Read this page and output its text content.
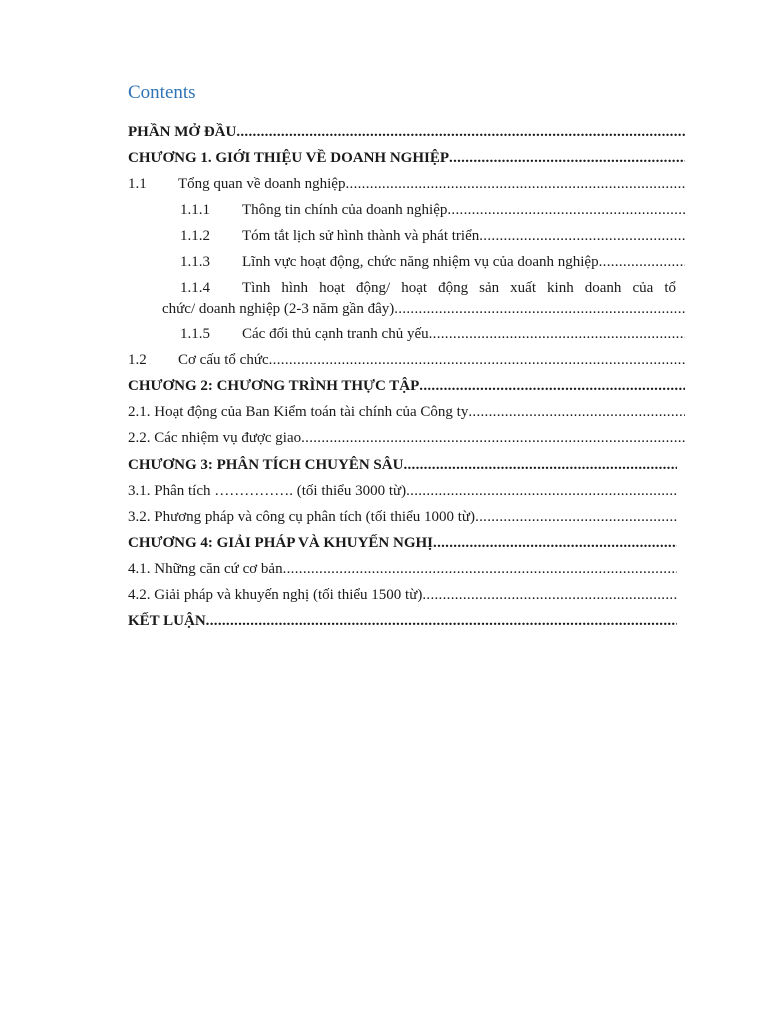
Contents
PHẦN MỞ ĐẦU
.....
CHƯƠNG 1. GIỚI THIỆU VỀ DOANH NGHIỆP
.....
1.1	Tổng quan về doanh nghiệp
.....
1.1.1	Thông tin chính của doanh nghiệp
.....
1.1.2	Tóm tắt lịch sử hình thành và phát triển
.....
1.1.3	Lĩnh vực hoạt động, chức năng nhiệm vụ của doanh nghiệp
.....
1.1.4	Tình hình hoạt động/ hoạt động sản xuất kinh doanh của tổ
chức/ doanh nghiệp (2-3 năm gần đây)
.....
1.1.5	Các đối thủ cạnh tranh chủ yếu
.....
1.2	Cơ cấu tổ chức
.....
CHƯƠNG 2: CHƯƠNG TRÌNH THỰC TẬP
.....
2.1. Hoạt động của Ban Kiểm toán tài chính của Công ty
.....
2.2. Các nhiệm vụ được giao
.....
CHƯƠNG 3: PHÂN TÍCH CHUYÊN SÂU
.....
3.1. Phân tích ……………. (tối thiểu 3000 từ)
.....
3.2. Phương pháp và công cụ phân tích (tối thiểu 1000 từ)
.....
CHƯƠNG 4: GIẢI PHÁP VÀ KHUYẾN NGHỊ
.....
4.1. Những căn cứ cơ bản
.....
4.2. Giải pháp và khuyến nghị (tối thiểu 1500 từ)
.....
KẾT LUẬN
.....
